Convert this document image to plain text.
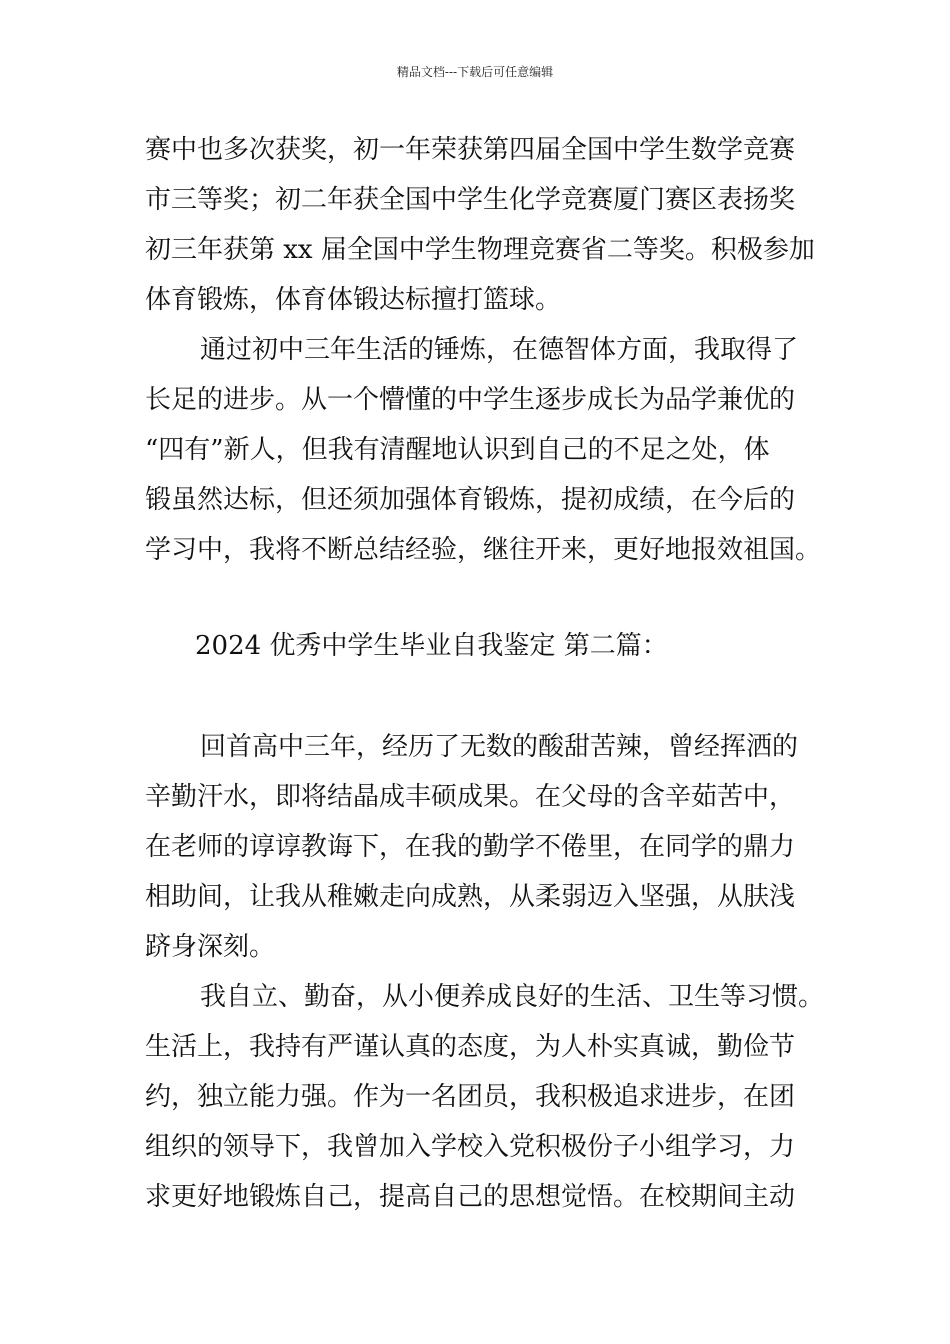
精品文档---下载后可任意编辑
赛中也多次获奖，初一年荣获第四届全国中学生数学竞赛
市三等奖；初二年获全国中学生化学竞赛厦门赛区表扬奖
初三年获第 xx 届全国中学生物理竞赛省二等奖。积极参加
体育锻炼，体育体锻达标擅打篮球。
通过初中三年生活的锤炼，在德智体方面，我取得了
长足的进步。从一个懵懂的中学生逐步成长为品学兼优的
“四有”新人，但我有清醒地认识到自己的不足之处，体
锻虽然达标，但还须加强体育锻炼，提初成绩，在今后的
学习中，我将不断总结经验，继往开来，更好地报效祖国。
2024 优秀中学生毕业自我鉴定 第二篇：
回首高中三年，经历了无数的酸甜苦辣，曾经挥洒的
辛勤汗水，即将结晶成丰硕成果。在父母的含辛茹苦中，
在老师的谆谆教诲下，在我的勤学不倦里，在同学的鼎力
相助间，让我从稚嫩走向成熟，从柔弱迈入坚强，从肤浅
跻身深刻。
我自立、勤奋，从小便养成良好的生活、卫生等习惯。
生活上，我持有严谨认真的态度，为人朴实真诚，勤俭节
约，独立能力强。作为一名团员，我积极追求进步，在团
组织的领导下，我曾加入学校入党积极份子小组学习，力
求更好地锻炼自己，提高自己的思想觉悟。在校期间主动
